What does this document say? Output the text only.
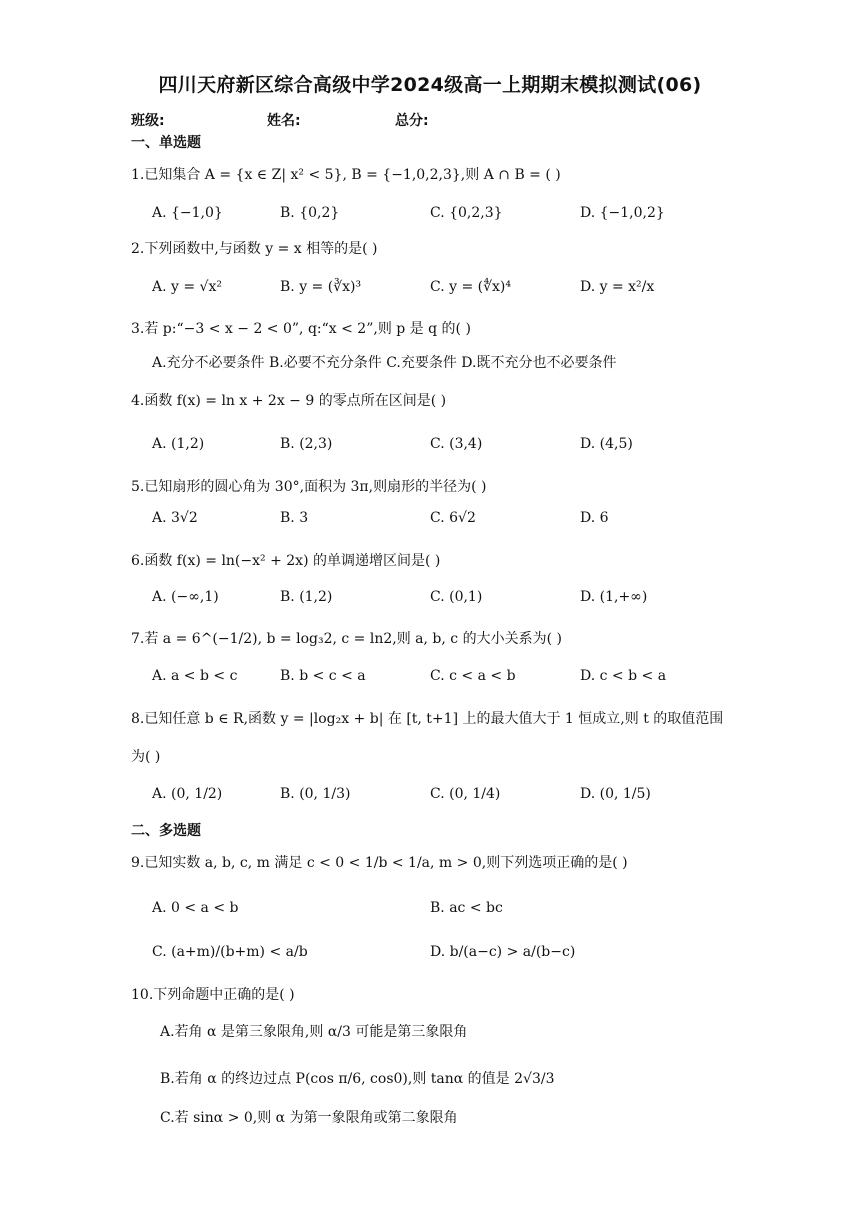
四川天府新区综合高级中学2024级高一上期期末模拟测试(06)
班级:	姓名:	总分:
一、单选题
1.已知集合 A = {x ∈ Z| x² < 5}, B = {−1,0,2,3},则 A ∩ B = ( )
A. {−1,0}	B. {0,2}	C. {0,2,3}	D. {−1,0,2}
2.下列函数中,与函数 y = x 相等的是( )
A. y = √x²	B. y = (∛x)³	C. y = (∜x)⁴	D. y = x²/x
3.若 p:“−3 < x − 2 < 0”, q:“x < 2”,则 p 是 q 的( )
A.充分不必要条件 B.必要不充分条件 C.充要条件 D.既不充分也不必要条件
4.函数 f(x) = ln x + 2x − 9 的零点所在区间是( )
A. (1,2)	B. (2,3)	C. (3,4)	D. (4,5)
5.已知扇形的圆心角为 30°,面积为 3π,则扇形的半径为( )
A. 3√2	B. 3	C. 6√2	D. 6
6.函数 f(x) = ln(−x² + 2x) 的单调递增区间是( )
A. (−∞,1)	B. (1,2)	C. (0,1)	D. (1,+∞)
7.若 a = 6^(−1/2), b = log₃2, c = ln2,则 a, b, c 的大小关系为( )
A. a < b < c	B. b < c < a	C. c < a < b	D. c < b < a
8.已知任意 b ∈ R,函数 y = |log₂x + b| 在 [t, t+1] 上的最大值大于 1 恒成立,则 t 的取值范围
为( )
A. (0, 1/2)	B. (0, 1/3)	C. (0, 1/4)	D. (0, 1/5)
二、多选题
9.已知实数 a, b, c, m 满足 c < 0 < 1/b < 1/a, m > 0,则下列选项正确的是( )
A. 0 < a < b	B. ac < bc
C. (a+m)/(b+m) < a/b	D. b/(a−c) > a/(b−c)
10.下列命题中正确的是( )
A.若角 α 是第三象限角,则 α/3 可能是第三象限角
B.若角 α 的终边过点 P(cos π/6, cos0),则 tanα 的值是 2√3/3
C.若 sinα > 0,则 α 为第一象限角或第二象限角
